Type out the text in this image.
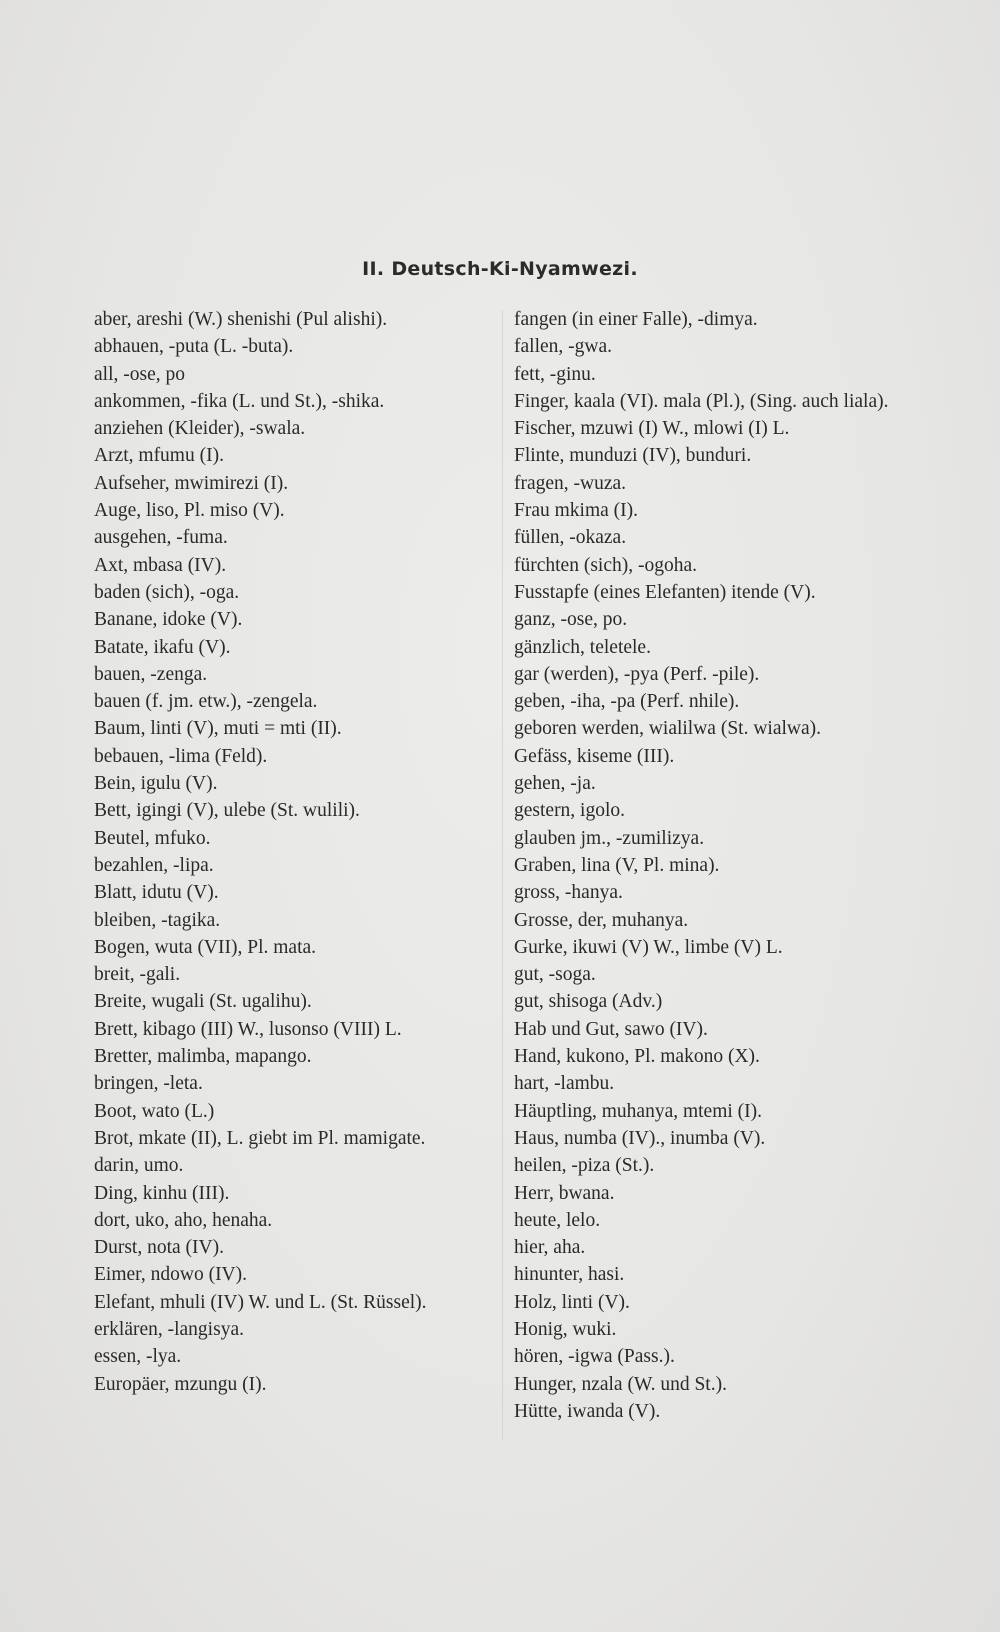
II. Deutsch-Ki-Nyamwezi.
aber, areshi (W.) shenishi (Pul alishi).
abhauen, -puta (L. -buta).
all, -ose, po
ankommen, -fika (L. und St.), -shika.
anziehen (Kleider), -swala.
Arzt, mfumu (I).
Aufseher, mwimirezi (I).
Auge, liso, Pl. miso (V).
ausgehen, -fuma.
Axt, mbasa (IV).
baden (sich), -oga.
Banane, idoke (V).
Batate, ikafu (V).
bauen, -zenga.
bauen (f. jm. etw.), -zengela.
Baum, linti (V), muti = mti (II).
bebauen, -lima (Feld).
Bein, igulu (V).
Bett, igingi (V), ulebe (St. wulili).
Beutel, mfuko.
bezahlen, -lipa.
Blatt, idutu (V).
bleiben, -tagika.
Bogen, wuta (VII), Pl. mata.
breit, -gali.
Breite, wugali (St. ugalihu).
Brett, kibago (III) W., lusonso (VIII) L.
Bretter, malimba, mapango.
bringen, -leta.
Boot, wato (L.)
Brot, mkate (II), L. giebt im Pl. mamigate.
darin, umo.
Ding, kinhu (III).
dort, uko, aho, henaha.
Durst, nota (IV).
Eimer, ndowo (IV).
Elefant, mhuli (IV) W. und L. (St. Rüssel).
erklären, -langisya.
essen, -lya.
Europäer, mzungu (I).
fangen (in einer Falle), -dimya.
fallen, -gwa.
fett, -ginu.
Finger, kaala (VI). mala (Pl.), (Sing. auch liala).
Fischer, mzuwi (I) W., mlowi (I) L.
Flinte, munduzi (IV), bunduri.
fragen, -wuza.
Frau mkima (I).
füllen, -okaza.
fürchten (sich), -ogoha.
Fusstapfe (eines Elefanten) itende (V).
ganz, -ose, po.
gänzlich, teletele.
gar (werden), -pya (Perf. -pile).
geben, -iha, -pa (Perf. nhile).
geboren werden, wialilwa (St. wialwa).
Gefäss, kiseme (III).
gehen, -ja.
gestern, igolo.
glauben jm., -zumilizya.
Graben, lina (V, Pl. mina).
gross, -hanya.
Grosse, der, muhanya.
Gurke, ikuwi (V) W., limbe (V) L.
gut, -soga.
gut, shisoga (Adv.)
Hab und Gut, sawo (IV).
Hand, kukono, Pl. makono (X).
hart, -lambu.
Häuptling, muhanya, mtemi (I).
Haus, numba (IV)., inumba (V).
heilen, -piza (St.).
Herr, bwana.
heute, lelo.
hier, aha.
hinunter, hasi.
Holz, linti (V).
Honig, wuki.
hören, -igwa (Pass.).
Hunger, nzala (W. und St.).
Hütte, iwanda (V).
